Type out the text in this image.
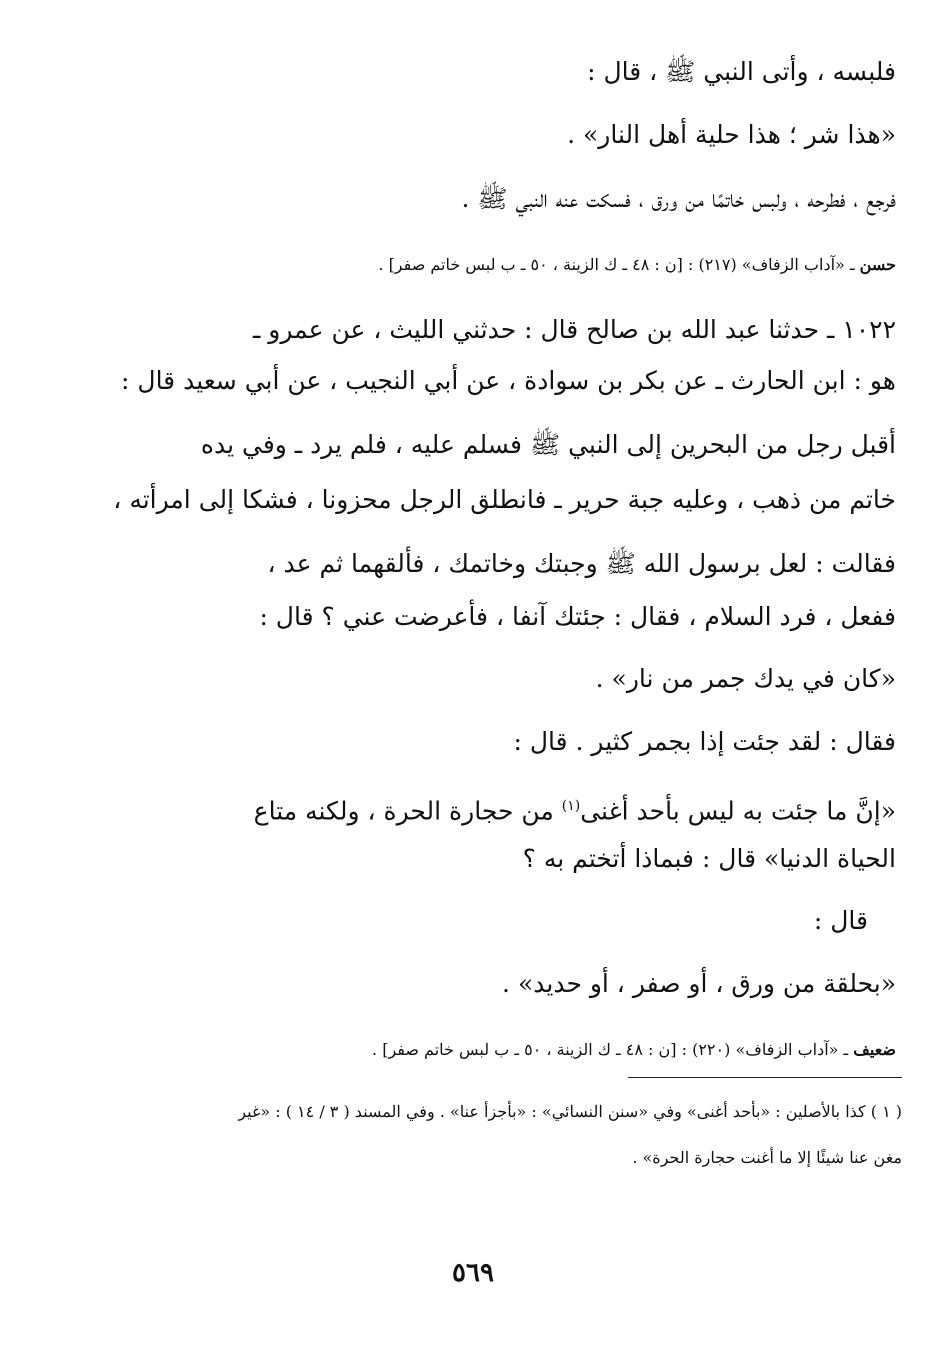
فلبسه ، وأتى النبي ﷺ ، قال :
«هذا شر ؛ هذا حلية أهل النار» .
فرجع ، فطرحه ، ولبس خاتمًا من ورق ، فسكت عنه النبي ﷺ .
حسن ـ «آداب الزفاف» (٢١٧) : [ن : ٤٨ ـ ك الزينة ، ٥٠ ـ ب لبس خاتم صفر] .
١٠٢٢ ـ حدثنا عبد الله بن صالح قال : حدثني الليث ، عن عمرو ـ
هو : ابن الحارث ـ عن بكر بن سوادة ، عن أبي النجيب ، عن أبي سعيد قال :
أقبل رجل من البحرين إلى النبي ﷺ فسلم عليه ، فلم يرد ـ وفي يده
خاتم من ذهب ، وعليه جبة حرير ـ فانطلق الرجل محزونا ، فشكا إلى امرأته ،
فقالت : لعل برسول الله ﷺ وجبتك وخاتمك ، فألقهما ثم عد ،
ففعل ، فرد السلام ، فقال : جئتك آنفا ، فأعرضت عني ؟ قال :
«كان في يدك جمر من نار» .
فقال : لقد جئت إذا بجمر كثير . قال :
«إنَّ ما جئت به ليس بأحد أغنى$^{(١)}$ من حجارة الحرة ، ولكنه متاع
الحياة الدنيا» قال : فبماذا أتختم به ؟
قال :
«بحلقة من ورق ، أو صفر ، أو حديد» .
ضعيف ـ «آداب الزفاف» (٢٢٠) : [ن : ٤٨ ـ ك الزينة ، ٥٠ ـ ب لبس خاتم صفر] .
( ١ ) كذا بالأصلين : «بأحد أغنى» وفي «سنن النسائي» : «بأجزأ عنا» . وفي المسند ( ٣ / ١٤ ) : «غير
مغن عنا شيئًا إلا ما أغنت حجارة الحرة» .
٥٦٩
